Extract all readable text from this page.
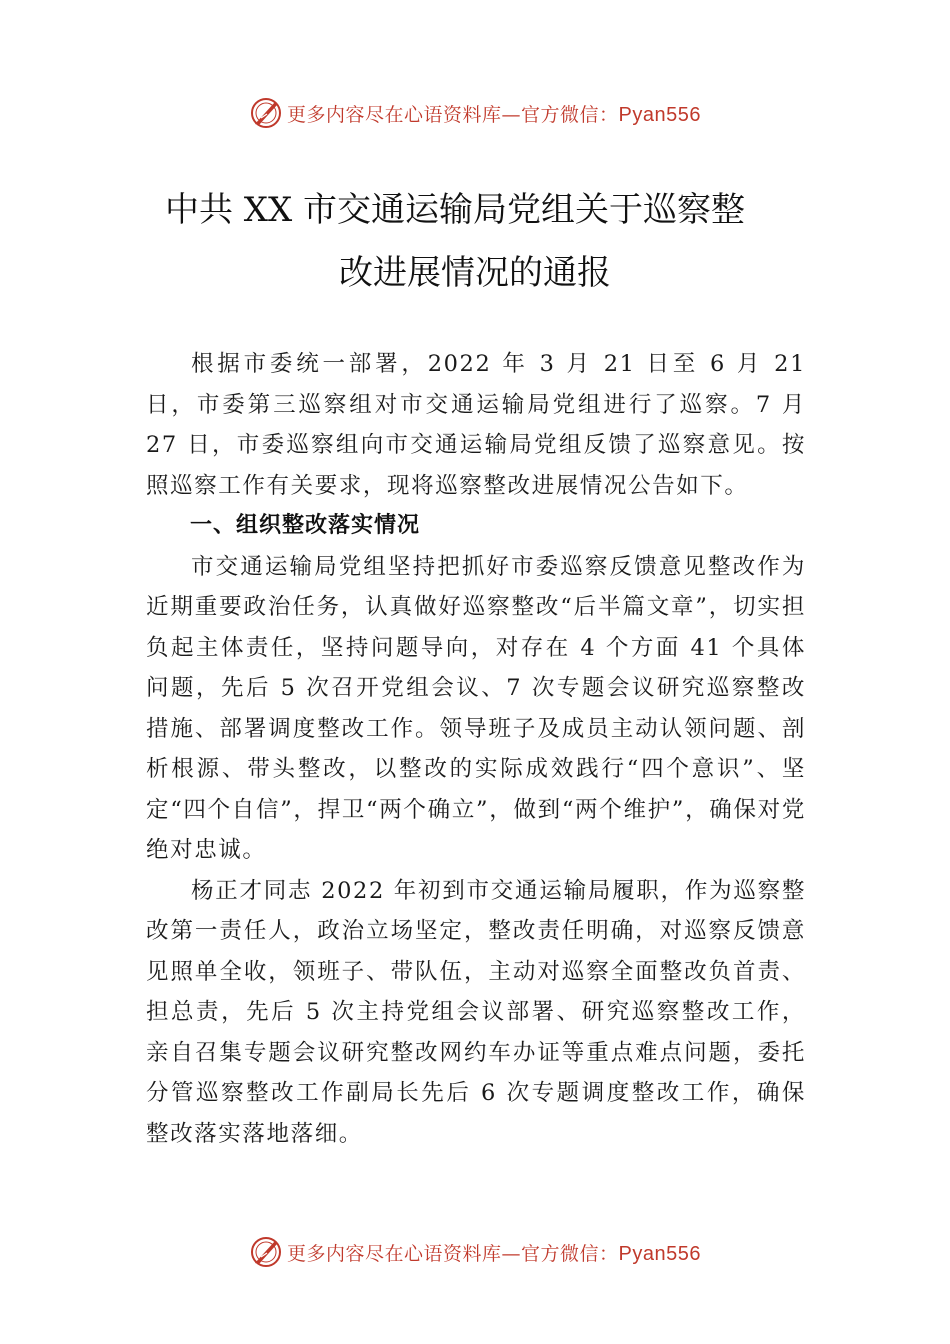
更多内容尽在心语资料库—官方微信：Pyan556
中共 XX 市交通运输局党组关于巡察整
改进展情况的通报

根据市委统一部署，2022 年 3 月 21 日至 6 月 21 日，市委第三巡察组对市交通运输局党组进行了巡察。7 月 27 日，市委巡察组向市交通运输局党组反馈了巡察意见。按照巡察工作有关要求，现将巡察整改进展情况公告如下。

一、组织整改落实情况

市交通运输局党组坚持把抓好市委巡察反馈意见整改作为近期重要政治任务，认真做好巡察整改“后半篇文章”，切实担负起主体责任，坚持问题导向，对存在 4 个方面 41 个具体问题，先后 5 次召开党组会议、7 次专题会议研究巡察整改措施、部署调度整改工作。领导班子及成员主动认领问题、剖析根源、带头整改，以整改的实际成效践行“四个意识”、坚定“四个自信”，捍卫“两个确立”，做到“两个维护”，确保对党绝对忠诚。

杨正才同志 2022 年初到市交通运输局履职，作为巡察整改第一责任人，政治立场坚定，整改责任明确，对巡察反馈意见照单全收，领班子、带队伍，主动对巡察全面整改负首责、担总责，先后 5 次主持党组会议部署、研究巡察整改工作，亲自召集专题会议研究整改网约车办证等重点难点问题，委托分管巡察整改工作副局长先后 6 次专题调度整改工作，确保整改落实落地落细。

更多内容尽在心语资料库—官方微信：Pyan556
